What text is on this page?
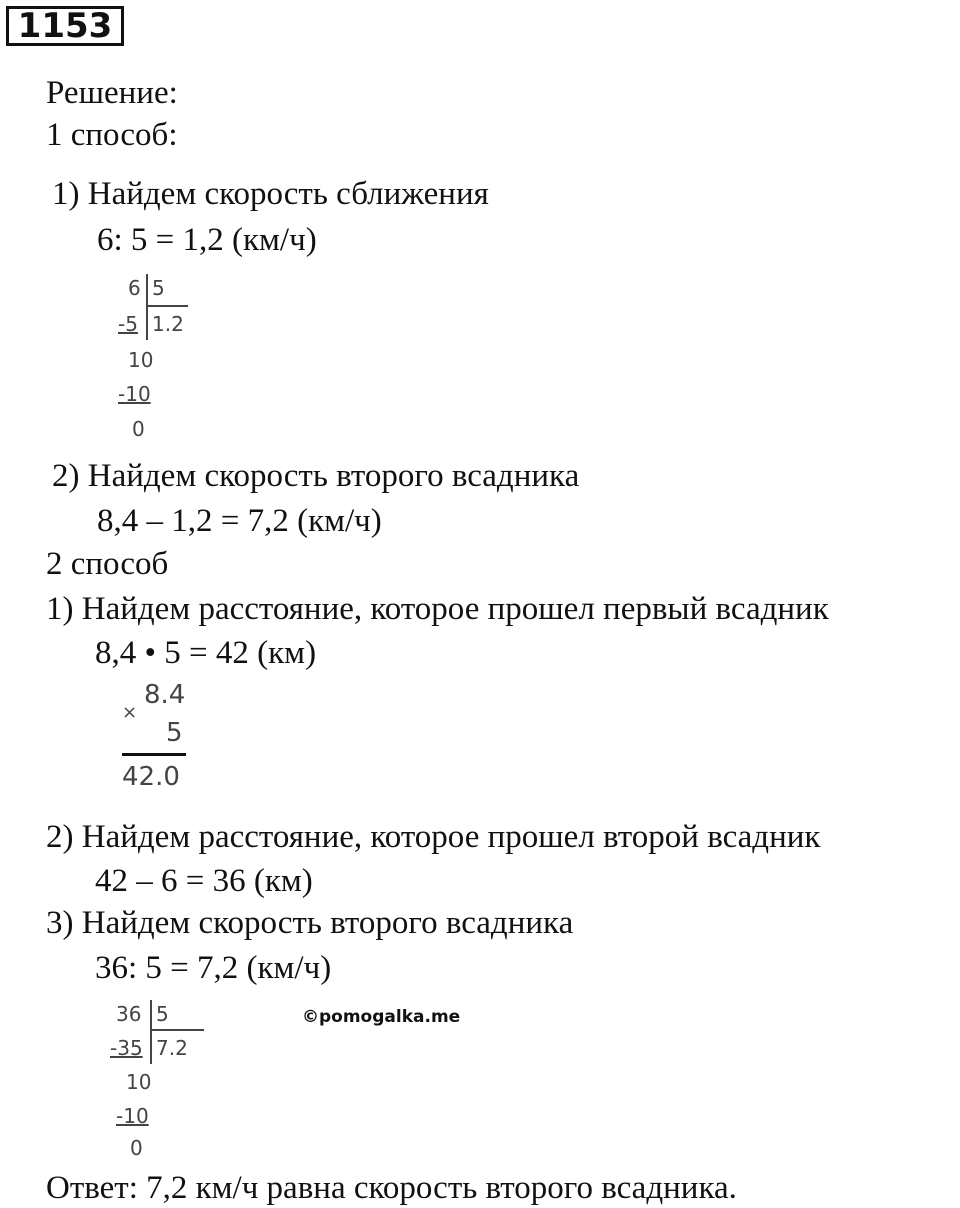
1153
Решение:
1 способ:
1) Найдем скорость сближения
6: 5 = 1,2 (км/ч)
6 5
-5 1.2
10
-10
0
2) Найдем скорость второго всадника
8,4 – 1,2 = 7,2 (км/ч)
2 способ
1) Найдем расстояние, которое прошел первый всадник
8,4 • 5 = 42 (км)
×
8.4
5
42.0
2) Найдем расстояние, которое прошел второй всадник
42 – 6 = 36 (км)
3) Найдем скорость второго всадника
36: 5 = 7,2 (км/ч)
36 5
-35 7.2
10
-10
0
©pomogalka.me
Ответ: 7,2 км/ч равна скорость второго всадника.
